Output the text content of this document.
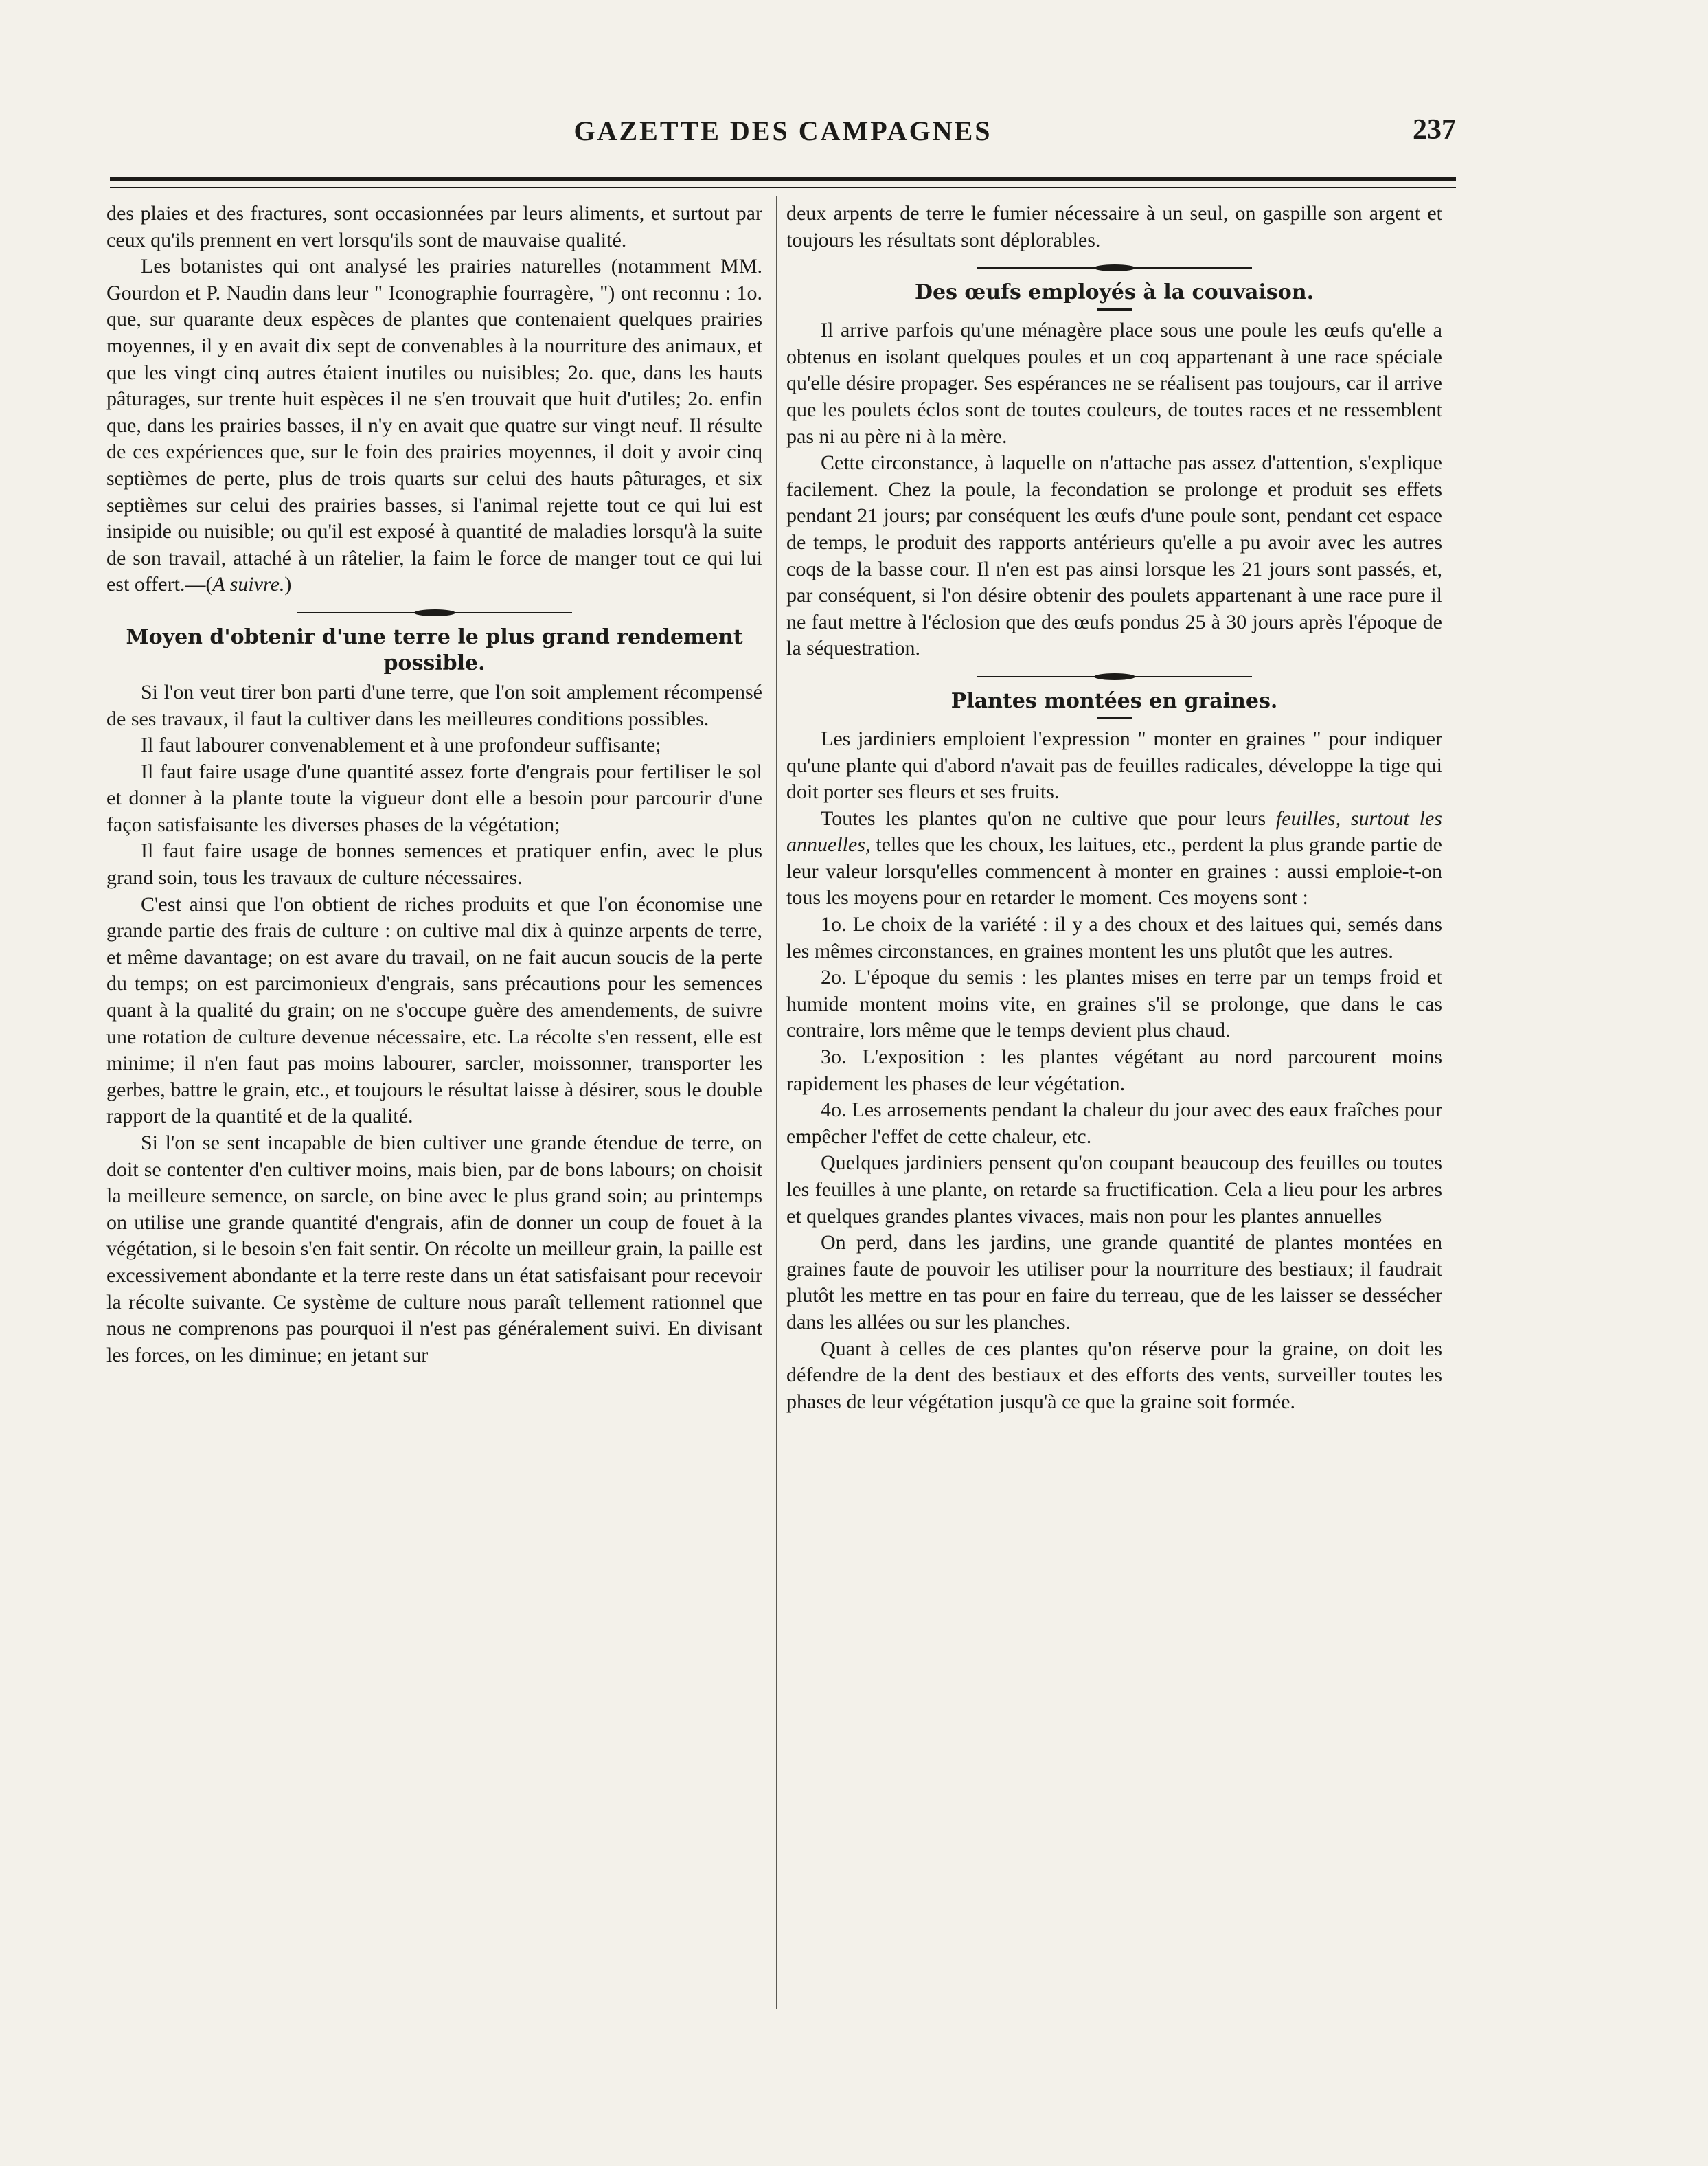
GAZETTE DES CAMPAGNES	237

des plaies et des fractures, sont occasionnées par leurs aliments, et surtout par ceux qu'ils prennent en vert lorsqu'ils sont de mauvaise qualité.

Les botanistes qui ont analysé les prairies naturelles (notamment MM. Gourdon et P. Naudin dans leur " Iconographie fourragère, ") ont reconnu : 1o. que, sur quarante deux espèces de plantes que contenaient quelques prairies moyennes, il y en avait dix sept de convenables à la nourriture des animaux, et que les vingt cinq autres étaient inutiles ou nuisibles; 2o. que, dans les hauts pâturages, sur trente huit espèces il ne s'en trouvait que huit d'utiles; 2o. enfin que, dans les prairies basses, il n'y en avait que quatre sur vingt neuf. Il résulte de ces expériences que, sur le foin des prairies moyennes, il doit y avoir cinq septièmes de perte, plus de trois quarts sur celui des hauts pâturages, et six septièmes sur celui des prairies basses, si l'animal rejette tout ce qui lui est insipide ou nuisible; ou qu'il est exposé à quantité de maladies lorsqu'à la suite de son travail, attaché à un râtelier, la faim le force de manger tout ce qui lui est offert.—(A suivre.)

Moyen d'obtenir d'une terre le plus grand rendement possible.

Si l'on veut tirer bon parti d'une terre, que l'on soit amplement récompensé de ses travaux, il faut la cultiver dans les meilleures conditions possibles.

Il faut labourer convenablement et à une profondeur suffisante;

Il faut faire usage d'une quantité assez forte d'engrais pour fertiliser le sol et donner à la plante toute la vigueur dont elle a besoin pour parcourir d'une façon satisfaisante les diverses phases de la végétation;

Il faut faire usage de bonnes semences et pratiquer enfin, avec le plus grand soin, tous les travaux de culture nécessaires.

C'est ainsi que l'on obtient de riches produits et que l'on économise une grande partie des frais de culture : on cultive mal dix à quinze arpents de terre, et même davantage; on est avare du travail, on ne fait aucun soucis de la perte du temps; on est parcimonieux d'engrais, sans précautions pour les semences quant à la qualité du grain; on ne s'occupe guère des amendements, de suivre une rotation de culture devenue nécessaire, etc. La récolte s'en ressent, elle est minime; il n'en faut pas moins labourer, sarcler, moissonner, transporter les gerbes, battre le grain, etc., et toujours le résultat laisse à désirer, sous le double rapport de la quantité et de la qualité.

Si l'on se sent incapable de bien cultiver une grande étendue de terre, on doit se contenter d'en cultiver moins, mais bien, par de bons labours; on choisit la meilleure semence, on sarcle, on bine avec le plus grand soin; au printemps on utilise une grande quantité d'engrais, afin de donner un coup de fouet à la végétation, si le besoin s'en fait sentir. On récolte un meilleur grain, la paille est excessivement abondante et la terre reste dans un état satisfaisant pour recevoir la récolte suivante. Ce système de culture nous paraît tellement rationnel que nous ne comprenons pas pourquoi il n'est pas généralement suivi. En divisant les forces, on les diminue; en jetant sur

deux arpents de terre le fumier nécessaire à un seul, on gaspille son argent et toujours les résultats sont déplorables.

Des œufs employés à la couvaison.

Il arrive parfois qu'une ménagère place sous une poule les œufs qu'elle a obtenus en isolant quelques poules et un coq appartenant à une race spéciale qu'elle désire propager. Ses espérances ne se réalisent pas toujours, car il arrive que les poulets éclos sont de toutes couleurs, de toutes races et ne ressemblent pas ni au père ni à la mère.

Cette circonstance, à laquelle on n'attache pas assez d'attention, s'explique facilement. Chez la poule, la fecondation se prolonge et produit ses effets pendant 21 jours; par conséquent les œufs d'une poule sont, pendant cet espace de temps, le produit des rapports antérieurs qu'elle a pu avoir avec les autres coqs de la basse cour. Il n'en est pas ainsi lorsque les 21 jours sont passés, et, par conséquent, si l'on désire obtenir des poulets appartenant à une race pure il ne faut mettre à l'éclosion que des œufs pondus 25 à 30 jours après l'époque de la séquestration.

Plantes montées en graines.

Les jardiniers emploient l'expression " monter en graines " pour indiquer qu'une plante qui d'abord n'avait pas de feuilles radicales, développe la tige qui doit porter ses fleurs et ses fruits.

Toutes les plantes qu'on ne cultive que pour leurs feuilles, surtout les annuelles, telles que les choux, les laitues, etc., perdent la plus grande partie de leur valeur lorsqu'elles commencent à monter en graines : aussi emploie-t-on tous les moyens pour en retarder le moment. Ces moyens sont :

1o. Le choix de la variété : il y a des choux et des laitues qui, semés dans les mêmes circonstances, en graines montent les uns plutôt que les autres.

2o. L'époque du semis : les plantes mises en terre par un temps froid et humide montent moins vite, en graines s'il se prolonge, que dans le cas contraire, lors même que le temps devient plus chaud.

3o. L'exposition : les plantes végétant au nord parcourent moins rapidement les phases de leur végétation.

4o. Les arrosements pendant la chaleur du jour avec des eaux fraîches pour empêcher l'effet de cette chaleur, etc.

Quelques jardiniers pensent qu'on coupant beaucoup des feuilles ou toutes les feuilles à une plante, on retarde sa fructification. Cela a lieu pour les arbres et quelques grandes plantes vivaces, mais non pour les plantes annuelles

On perd, dans les jardins, une grande quantité de plantes montées en graines faute de pouvoir les utiliser pour la nourriture des bestiaux; il faudrait plutôt les mettre en tas pour en faire du terreau, que de les laisser se dessécher dans les allées ou sur les planches.

Quant à celles de ces plantes qu'on réserve pour la graine, on doit les défendre de la dent des bestiaux et des efforts des vents, surveiller toutes les phases de leur végétation jusqu'à ce que la graine soit formée.
